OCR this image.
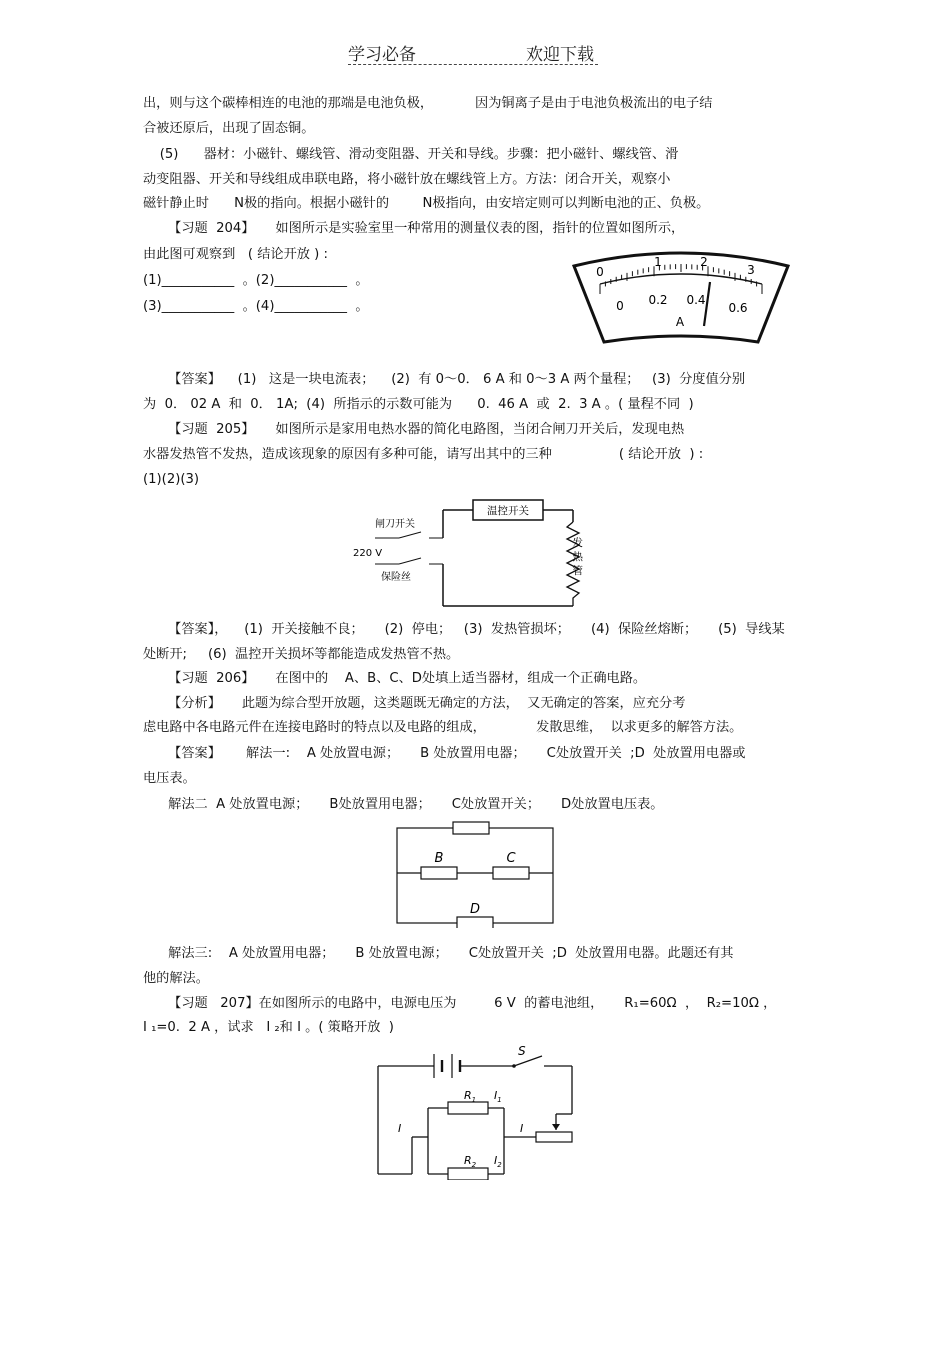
学习必备	欢迎下载
出，则与这个碳棒相连的电池的那端是电池负极，          因为铜离子是由于电池负极流出的电子结
合被还原后，出现了固态铜。
(5)      器材：小磁针、螺线管、滑动变阻器、开关和导线。步骤：把小磁针、螺线管、滑
动变阻器、开关和导线组成串联电路，将小磁针放在螺线管上方。方法：闭合开关，观察小
磁针静止时      N极的指向。根据小磁针的        N极指向，由安培定则可以判断电池的正、负极。
【习题  204】     如图所示是实验室里一种常用的测量仪表的图，指针的位置如图所示，
由此图可观察到   ( 结论开放 ) :
(1)___________  。(2)___________  。
(3)___________  。(4)___________  。
【答案】    (1)   这是一块电流表；    (2)  有 0～0． 6 A 和 0～3 A 两个量程；   (3)  分度值分别
为  0． 02 A  和  0． 1A;  (4)  所指示的示数可能为      0.  46 A  或  2.  3 A 。( 量程不同  )
【习题  205】     如图所示是家用电热水器的简化电路图，当闭合闸刀开关后，发现电热
水器发热管不发热，造成该现象的原因有多种可能，请写出其中的三种                ( 结论开放  ) :
(1)(2)(3)
【答案】，    (1)  开关接触不良；     (2)  停电；   (3)  发热管损坏；     (4)  保险丝熔断；     (5)  导线某
处断开;     (6)  温控开关损坏等都能造成发热管不热。
【习题  206】     在图中的    A、B、C、D处填上适当器材，组成一个正确电路。
【分析】     此题为综合型开放题，这类题既无确定的方法，  又无确定的答案，应充分考
虑电路中各电路元件在连接电路时的特点以及电路的组成，            发散思维，  以求更多的解答方法。
【答案】      解法一:    A 处放置电源；     B 处放置用电器；     C处放置开关  ;D  处放置用电器或
电压表。
解法二  A 处放置电源；     B处放置用电器；     C处放置开关；     D处放置电压表。
解法三:    A 处放置用电器；     B 处放置电源；     C处放置开关  ;D  处放置用电器。此题还有其
他的解法。
【习题   207】在如图所示的电路中，电源电压为         6 V  的蓄电池组，     R₁=60Ω  ，  R₂=10Ω ，
I ₁=0.  2 A ，试求   I ₂和 I 。( 策略开放  )
0
1	2
3
0 0.2 0.4
0.6
A
温控开关
闸刀开关
220 V
保险丝
发
热
管
B	C
D
S
$R_1$ $I_1$
$R_2$ $I_2$
I	I
